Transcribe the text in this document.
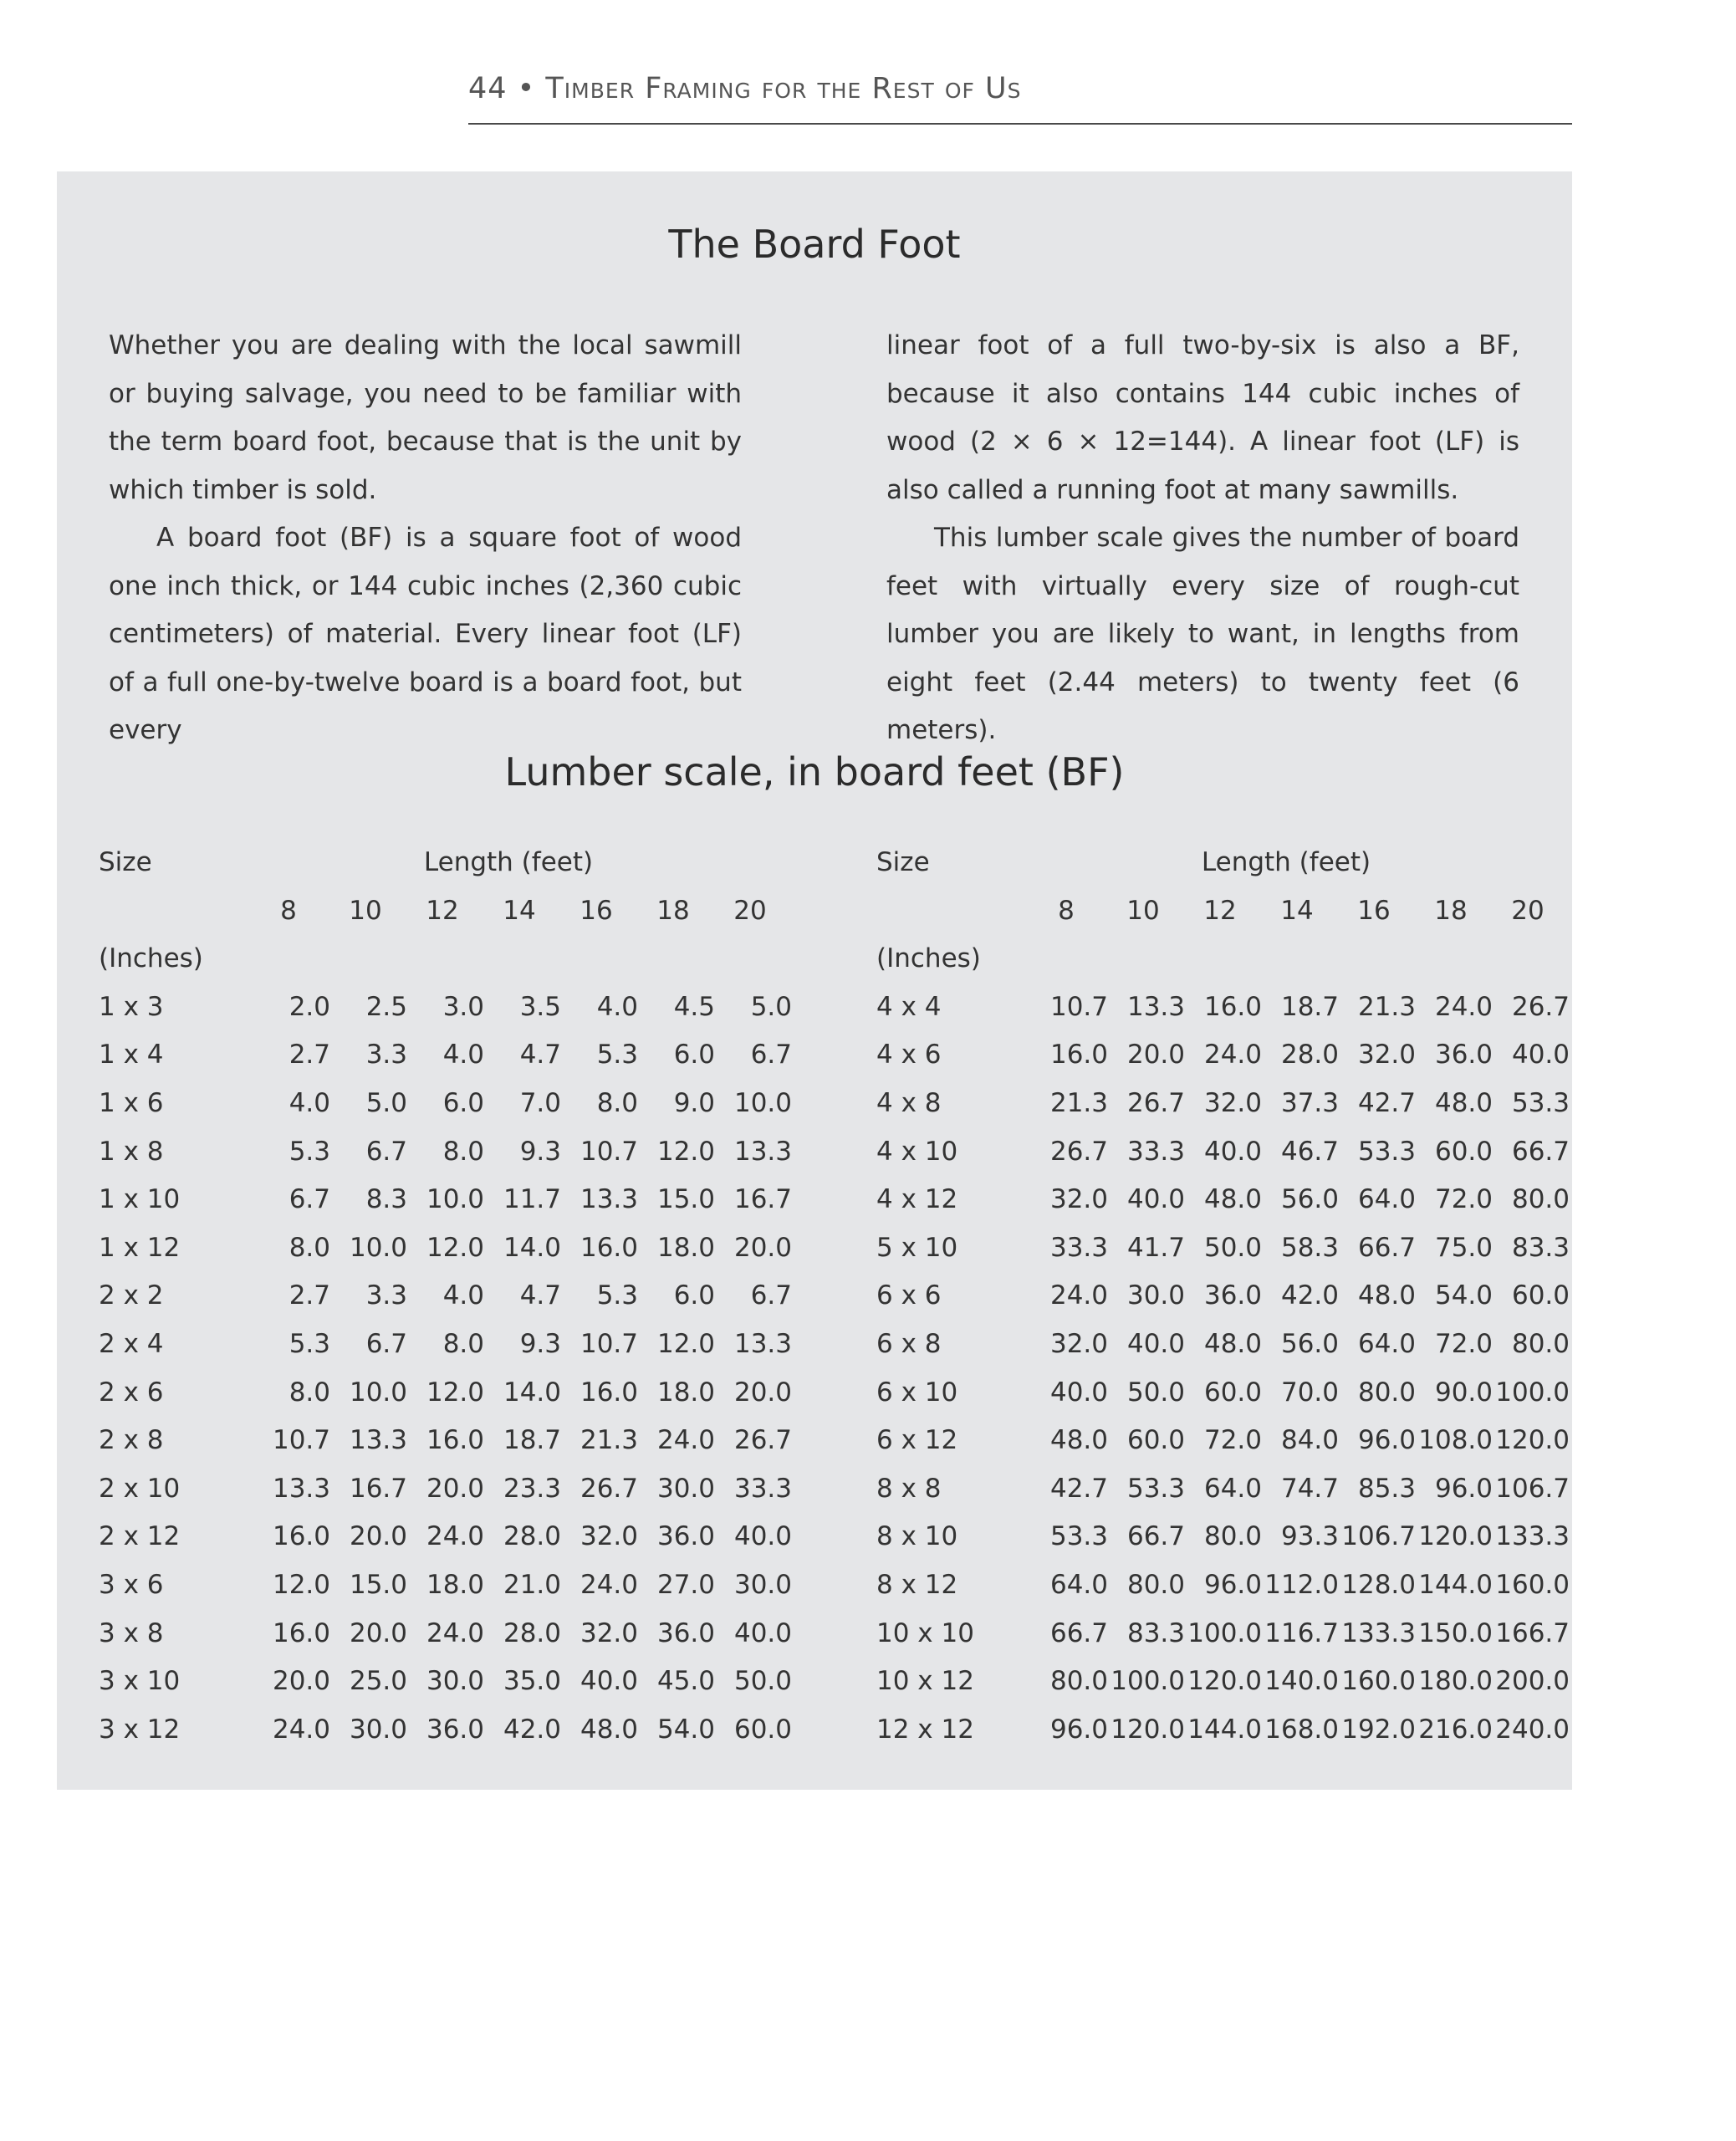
44 • Timber Framing for the Rest of Us
The Board Foot

Whether you are dealing with the local sawmill or buying salvage, you need to be familiar with the term board foot, because that is the unit by which timber is sold.

A board foot (BF) is a square foot of wood one inch thick, or 144 cubic inches (2,360 cubic centimeters) of material. Every linear foot (LF) of a full one-by-twelve board is a board foot, but every

linear foot of a full two-by-six is also a BF, because it also contains 144 cubic inches of wood (2 × 6 × 12=144). A linear foot (LF) is also called a running foot at many sawmills.

This lumber scale gives the number of board feet with virtually every size of rough-cut lumber you are likely to want, in lengths from eight feet (2.44 meters) to twenty feet (6 meters).

Lumber scale, in board feet (BF)
Size	Length (feet)
8	10	12	14	16	18	20
(Inches)
1 x 3	2.0	2.5	3.0	3.5	4.0	4.5	5.0
1 x 4	2.7	3.3	4.0	4.7	5.3	6.0	6.7
1 x 6	4.0	5.0	6.0	7.0	8.0	9.0 10.0
1 x 8	5.3	6.7	8.0	9.3 10.7 12.0 13.3
1 x 10	6.7	8.3 10.0 11.7 13.3 15.0 16.7
1 x 12	8.0 10.0 12.0 14.0 16.0 18.0 20.0
2 x 2	2.7	3.3	4.0	4.7	5.3	6.0	6.7
2 x 4	5.3	6.7	8.0	9.3 10.7 12.0 13.3
2 x 6	8.0 10.0 12.0 14.0 16.0 18.0 20.0
2 x 8	10.7 13.3 16.0 18.7 21.3 24.0 26.7
2 x 10	13.3 16.7 20.0 23.3 26.7 30.0 33.3
2 x 12	16.0 20.0 24.0 28.0 32.0 36.0 40.0
3 x 6	12.0 15.0 18.0 21.0 24.0 27.0 30.0
3 x 8	16.0 20.0 24.0 28.0 32.0 36.0 40.0
3 x 10	20.0 25.0 30.0 35.0 40.0 45.0 50.0
3 x 12	24.0 30.0 36.0 42.0 48.0 54.0 60.0
Size	Length (feet)
8	10	12	14	16	18	20
(Inches)
4 x 4	10.7 13.3 16.0 18.7 21.3 24.0 26.7
4 x 6	16.0 20.0 24.0 28.0 32.0 36.0 40.0
4 x 8	21.3 26.7 32.0 37.3 42.7 48.0 53.3
4 x 10	26.7 33.3 40.0 46.7 53.3 60.0 66.7
4 x 12	32.0 40.0 48.0 56.0 64.0 72.0 80.0
5 x 10	33.3 41.7 50.0 58.3 66.7 75.0 83.3
6 x 6	24.0 30.0 36.0 42.0 48.0 54.0 60.0
6 x 8	32.0 40.0 48.0 56.0 64.0 72.0 80.0
6 x 10	40.0 50.0 60.0 70.0 80.0 90.0 100.0
6 x 12	48.0 60.0 72.0 84.0 96.0 108.0 120.0
8 x 8	42.7 53.3 64.0 74.7 85.3 96.0 106.7
8 x 10	53.3 66.7 80.0 93.3 106.7 120.0 133.3
8 x 12	64.0 80.0 96.0 112.0 128.0 144.0 160.0
10 x 10	66.7 83.3 100.0 116.7 133.3 150.0 166.7
10 x 12	80.0 100.0 120.0 140.0 160.0 180.0 200.0
12 x 12	96.0 120.0 144.0 168.0 192.0 216.0 240.0
